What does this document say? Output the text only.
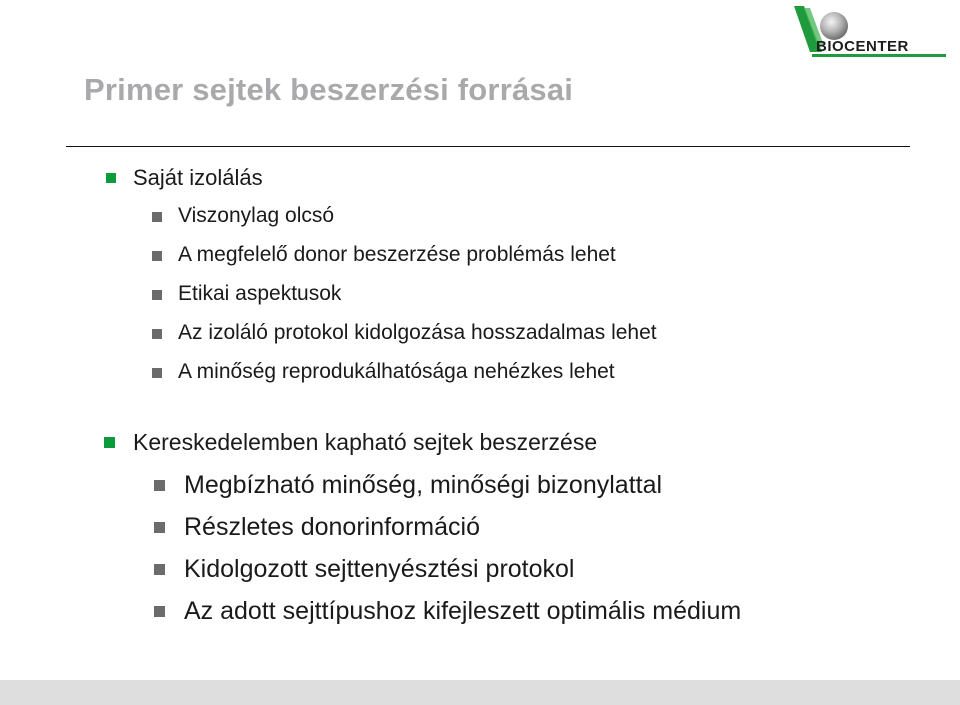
BIOCENTER
Primer sejtek beszerzési forrásai
Saját izolálás
Viszonylag olcsó
A megfelelő donor beszerzése problémás lehet
Etikai aspektusok
Az izoláló protokol kidolgozása hosszadalmas lehet
A minőség reprodukálhatósága nehézkes lehet
Kereskedelemben kapható sejtek beszerzése
Megbízható minőség, minőségi bizonylattal
Részletes donorinformáció
Kidolgozott sejttenyésztési protokol
Az adott sejttípushoz kifejleszett optimális médium
